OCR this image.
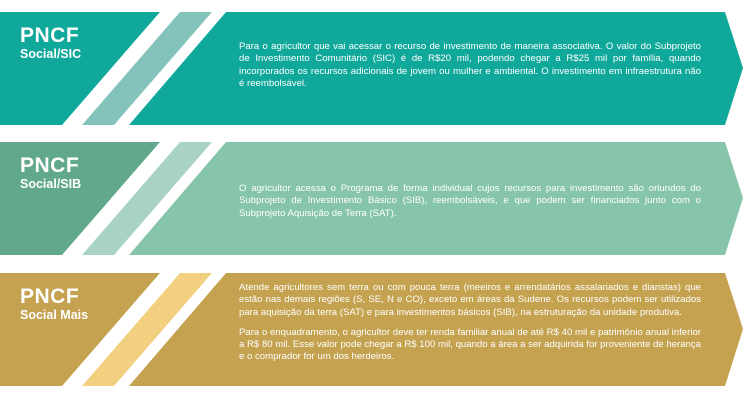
PNCF
Social/SIC

Para o agricultor que vai acessar o recurso de investimento de maneira associativa. O valor do Subprojeto de Investimento Comunitário (SIC) é de R$20 mil, podendo chegar a R$25 mil por família, quando incorporados os recursos adicionais de jovem ou mulher e ambiental. O investimento em infraestrutura não é reembolsável.

PNCF
Social/SIB	O agricultor acessa o Programa de forma individual cujos recursos para investimento são oriundos do Subprojeto de Investimento Básico (SIB), reembolsáveis, e que podem ser financiados junto com o Subprojeto Aquisição de Terra (SAT).

PNCF
Social Mais

Atende agricultores sem terra ou com pouca terra (meeiros e arrendatários assalariados e diaristas) que estão nas demais regiões (S, SE, N e CO), exceto em áreas da Sudene. Os recursos podem ser utilizados para aquisição da terra (SAT) e para investimentos básicos (SIB), na estruturação da unidade produtiva.

Para o enquadramento, o agricultor deve ter renda familiar anual de até R$ 40 mil e patrimônio anual inferior a R$ 80 mil. Esse valor pode chegar a R$ 100 mil, quando a área a ser adquirida for proveniente de herança e o comprador for um dos herdeiros.
